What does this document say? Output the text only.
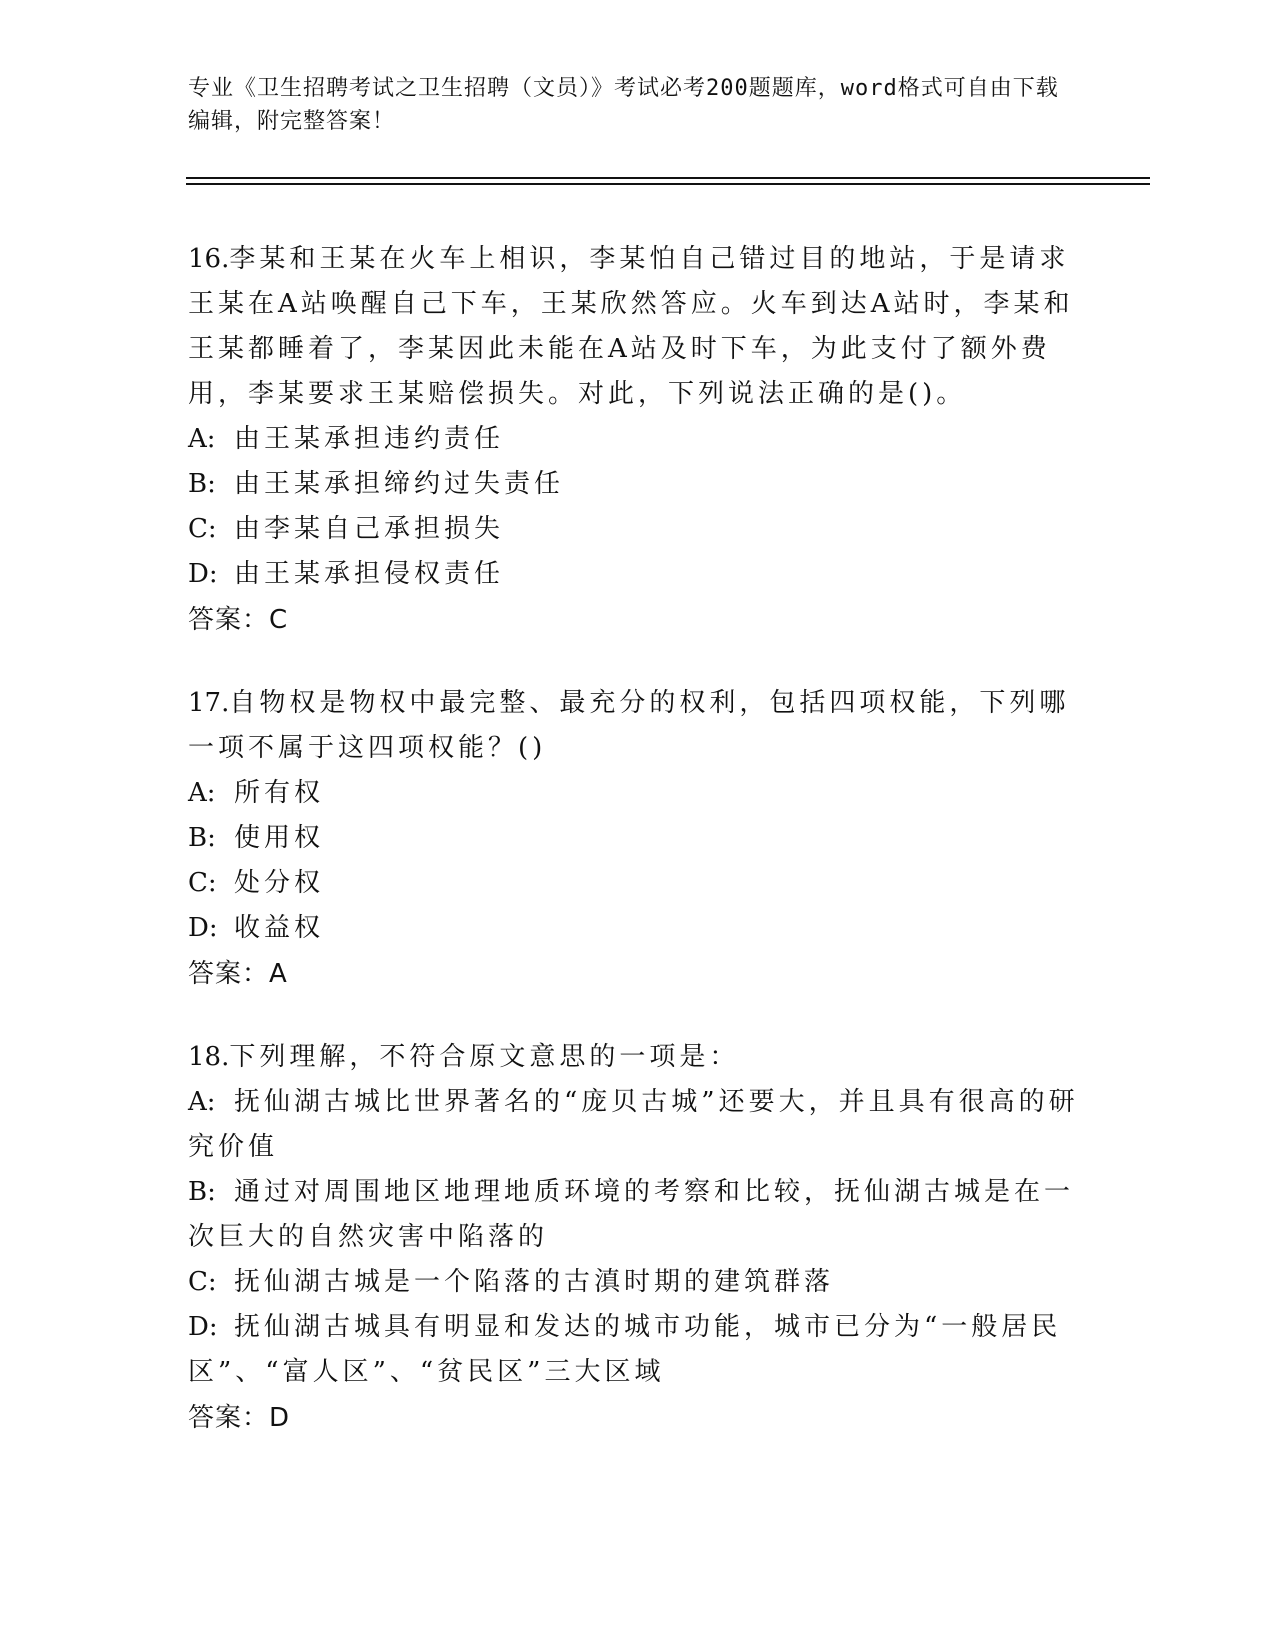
专业《卫生招聘考试之卫生招聘（文员）》考试必考200题题库，word格式可自由下载编辑，附完整答案！
16.李某和王某在火车上相识，李某怕自己错过目的地站，于是请求王某在A站唤醒自己下车，王某欣然答应。火车到达A站时，李某和王某都睡着了，李某因此未能在A站及时下车，为此支付了额外费用，李某要求王某赔偿损失。对此，下列说法正确的是()。
A: 由王某承担违约责任
B: 由王某承担缔约过失责任
C: 由李某自己承担损失
D: 由王某承担侵权责任
答案：C
17.自物权是物权中最完整、最充分的权利，包括四项权能，下列哪一项不属于这四项权能？()
A: 所有权
B: 使用权
C: 处分权
D: 收益权
答案：A
18.下列理解，不符合原文意思的一项是：
A: 抚仙湖古城比世界著名的“庞贝古城”还要大，并且具有很高的研究价值
B: 通过对周围地区地理地质环境的考察和比较，抚仙湖古城是在一次巨大的自然灾害中陷落的
C: 抚仙湖古城是一个陷落的古滇时期的建筑群落
D: 抚仙湖古城具有明显和发达的城市功能，城市已分为“一般居民区”、“富人区”、“贫民区”三大区域
答案：D
